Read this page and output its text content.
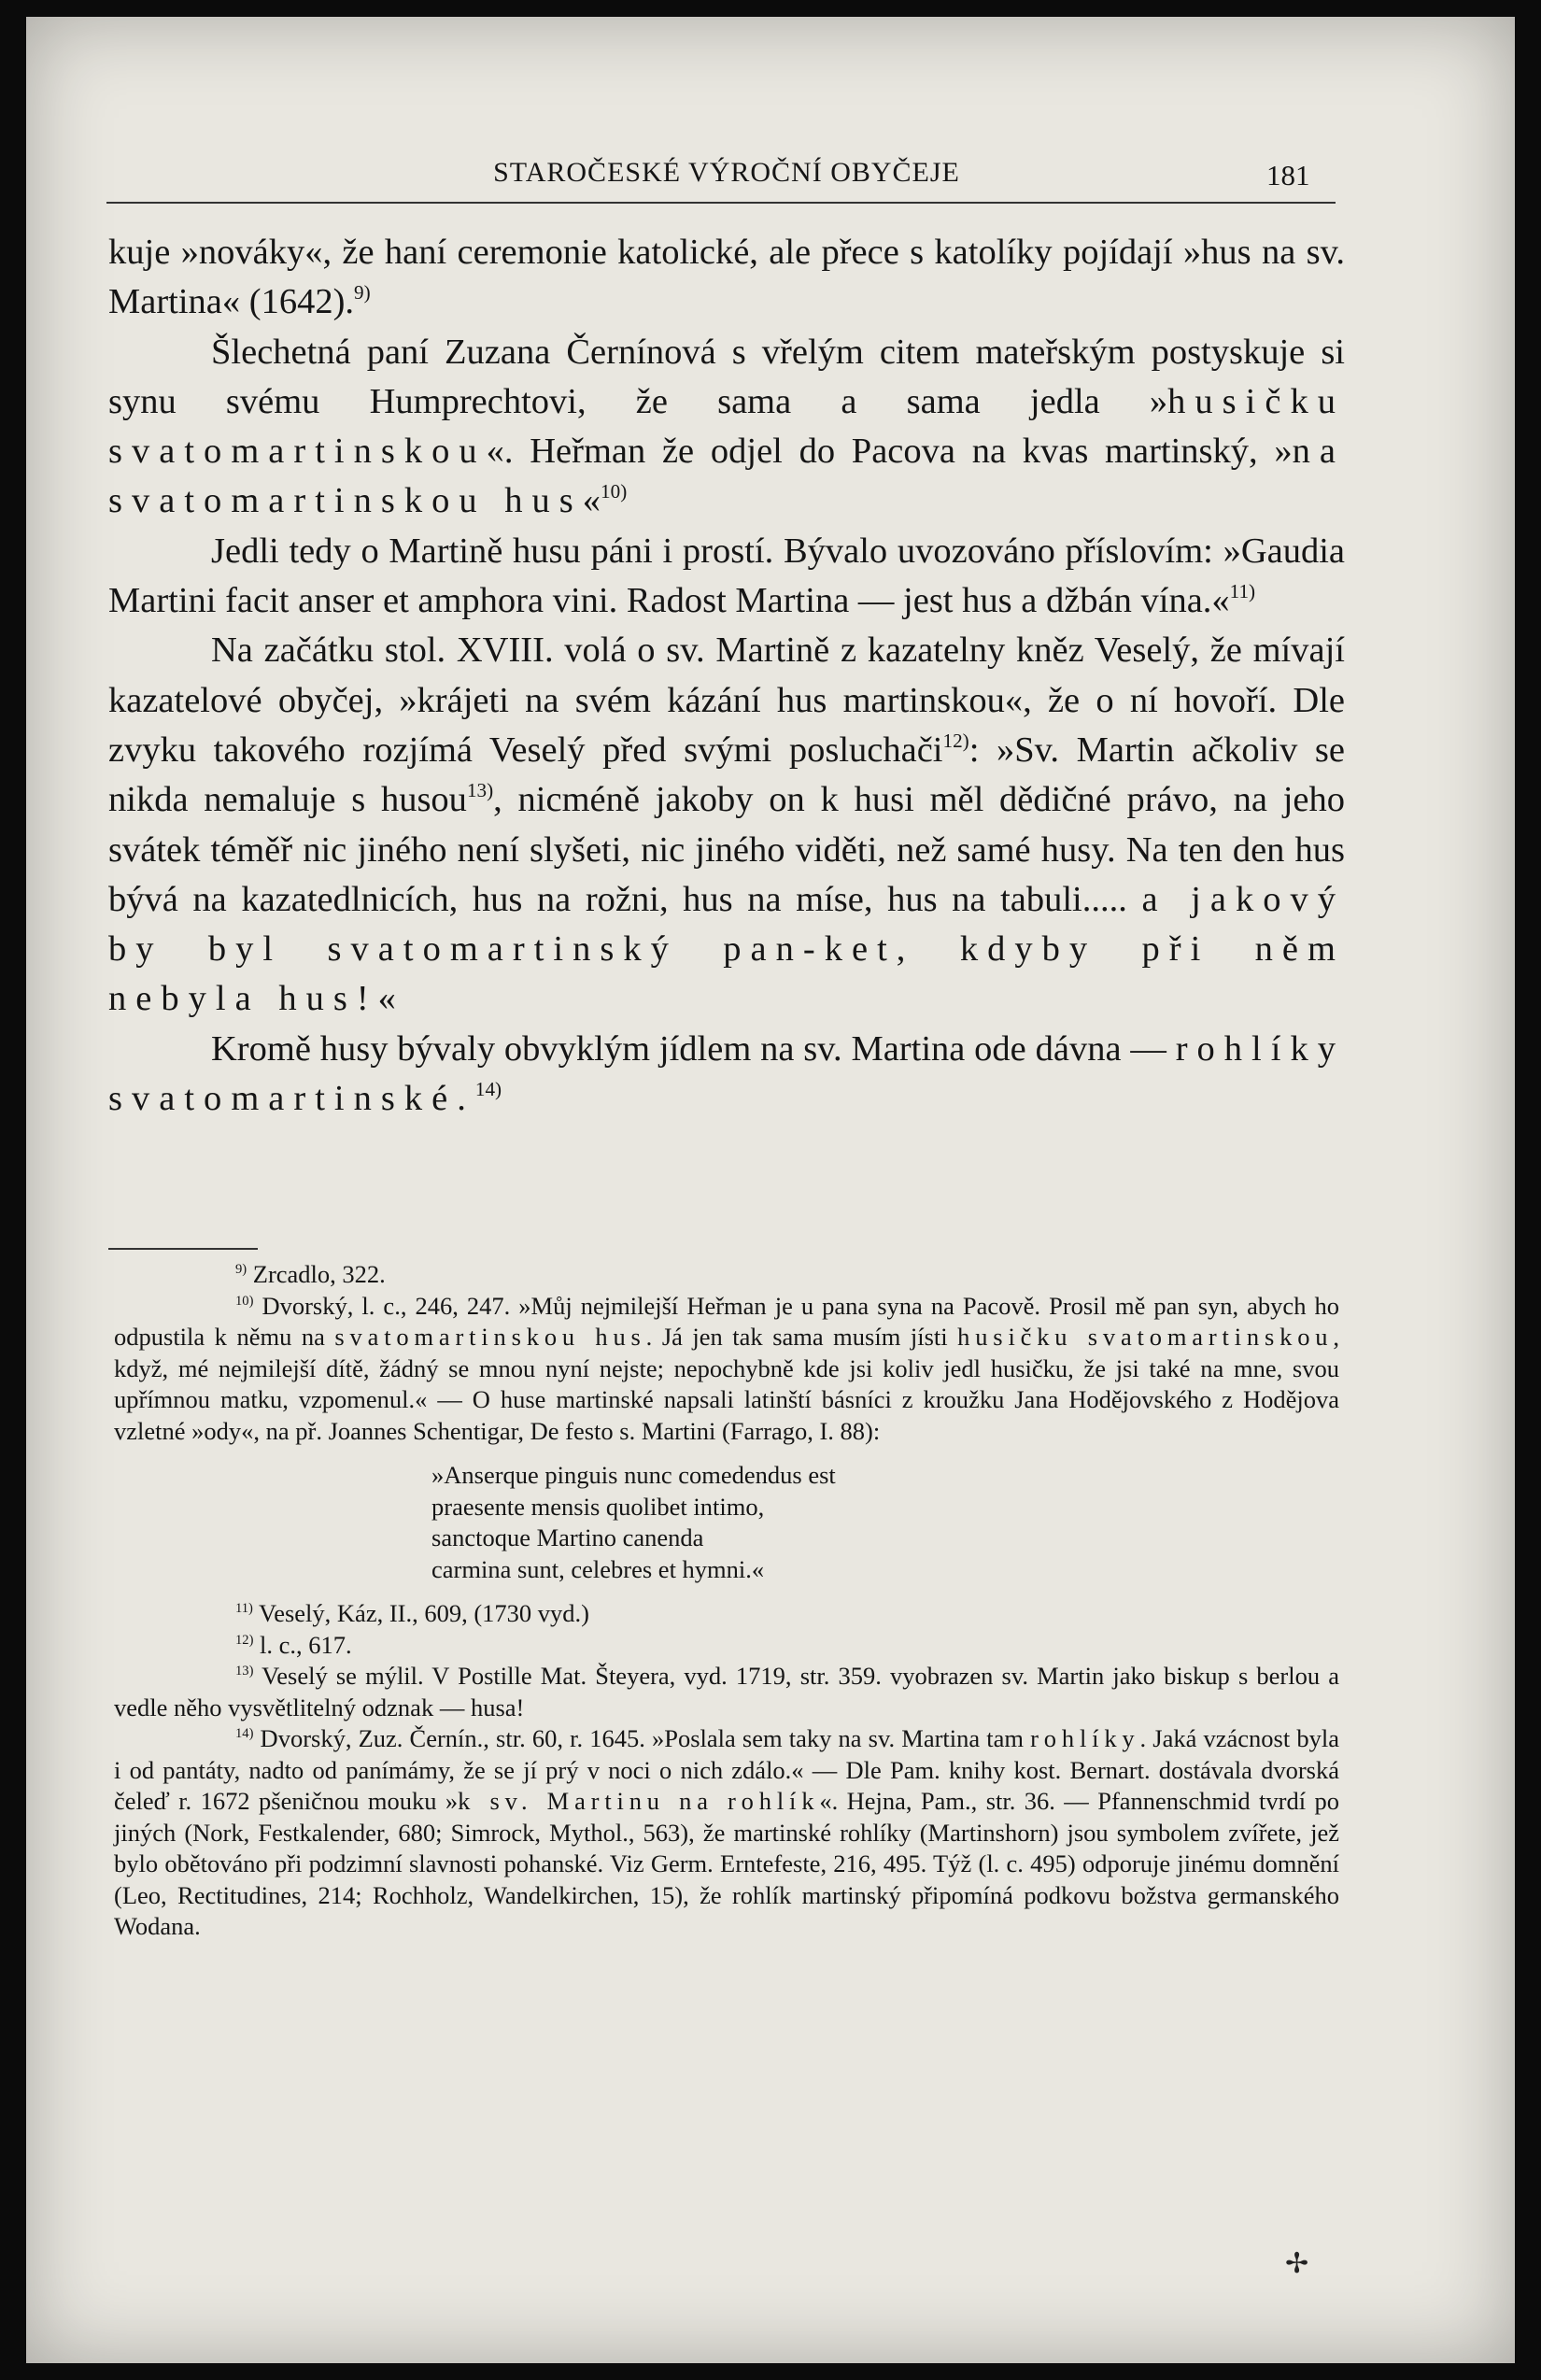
STAROČESKÉ VÝROČNÍ OBYČEJE	181

kuje »nováky«, že haní ceremonie katolické, ale přece s katolíky pojídají »hus na sv. Martina« (1642).$^{9)}$

Šlechetná paní Zuzana Černínová s vřelým citem mateřským postyskuje si synu svému Humprechtovi, že sama a sama jedla »husičku svatomartinskou«. Heřman že odjel do Pacova na kvas martinský, »na svatomartinskou hus«$^{10)}$

Jedli tedy o Martině husu páni i prostí. Bývalo uvozováno příslovím: »Gaudia Martini facit anser et amphora vini. Radost Martina — jest hus a džbán vína.«$^{11)}$

Na začátku stol. XVIII. volá o sv. Martině z kazatelny kněz Veselý, že mívají kazatelové obyčej, »krájeti na svém kázání hus martinskou«, že o ní hovoří. Dle zvyku takového rozjímá Veselý před svými posluchači$^{12)}$: »Sv. Martin ačkoliv se nikda nemaluje s husou$^{13)}$, nicméně jakoby on k husi měl dědičné právo, na jeho svátek téměř nic jiného není slyšeti, nic jiného viděti, než samé husy. Na ten den hus bývá na kazatedlnicích, hus na rožni, hus na míse, hus na tabuli..... a jakový by byl svatomartinský pan-ket, kdyby při něm nebyla hus!«

Kromě husy bývaly obvyklým jídlem na sv. Martina ode dávna — rohlíky svatomartinské.$^{14)}$

$^{9)}$ Zrcadlo, 322.

$^{10)}$ Dvorský, l. c., 246, 247. »Můj nejmilejší Heřman je u pana syna na Pacově. Prosil mě pan syn, abych ho odpustila k němu na svatomartinskou hus. Já jen tak sama musím jísti husičku svatomartinskou, když, mé nejmilejší dítě, žádný se mnou nyní nejste; nepochybně kde jsi koliv jedl husičku, že jsi také na mne, svou upřímnou matku, vzpomenul.« — O huse martinské napsali latinští básníci z kroužku Jana Hodějovského z Hodějova vzletné »ody«, na př. Joannes Schentigar, De festo s. Martini (Farrago, I. 88):

»Anserque pinguis nunc comedendus est
praesente mensis quolibet intimo,
sanctoque Martino canenda
carmina sunt, celebres et hymni.«

$^{11)}$ Veselý, Káz, II., 609, (1730 vyd.)

$^{12)}$ l. c., 617.

$^{13)}$ Veselý se mýlil. V Postille Mat. Šteyera, vyd. 1719, str. 359. vyobrazen sv. Martin jako biskup s berlou a vedle něho vysvětlitelný odznak — husa!

$^{14)}$ Dvorský, Zuz. Černín., str. 60, r. 1645. »Poslala sem taky na sv. Martina tam rohlíky. Jaká vzácnost byla i od pantáty, nadto od panímámy, že se jí prý v noci o nich zdálo.« — Dle Pam. knihy kost. Bernart. dostávala dvorská čeleď r. 1672 pšeničnou mouku »k sv. Martinu na rohlík«. Hejna, Pam., str. 36. — Pfannenschmid tvrdí po jiných (Nork, Festkalender, 680; Simrock, Mythol., 563), že martinské rohlíky (Martinshorn) jsou symbolem zvířete, jež bylo obětováno při podzimní slavnosti pohanské. Viz Germ. Erntefeste, 216, 495. Týž (l. c. 495) odporuje jinému domnění (Leo, Rectitudines, 214; Rochholz, Wandelkirchen, 15), že rohlík martinský připomíná podkovu božstva germanského Wodana.

✢
